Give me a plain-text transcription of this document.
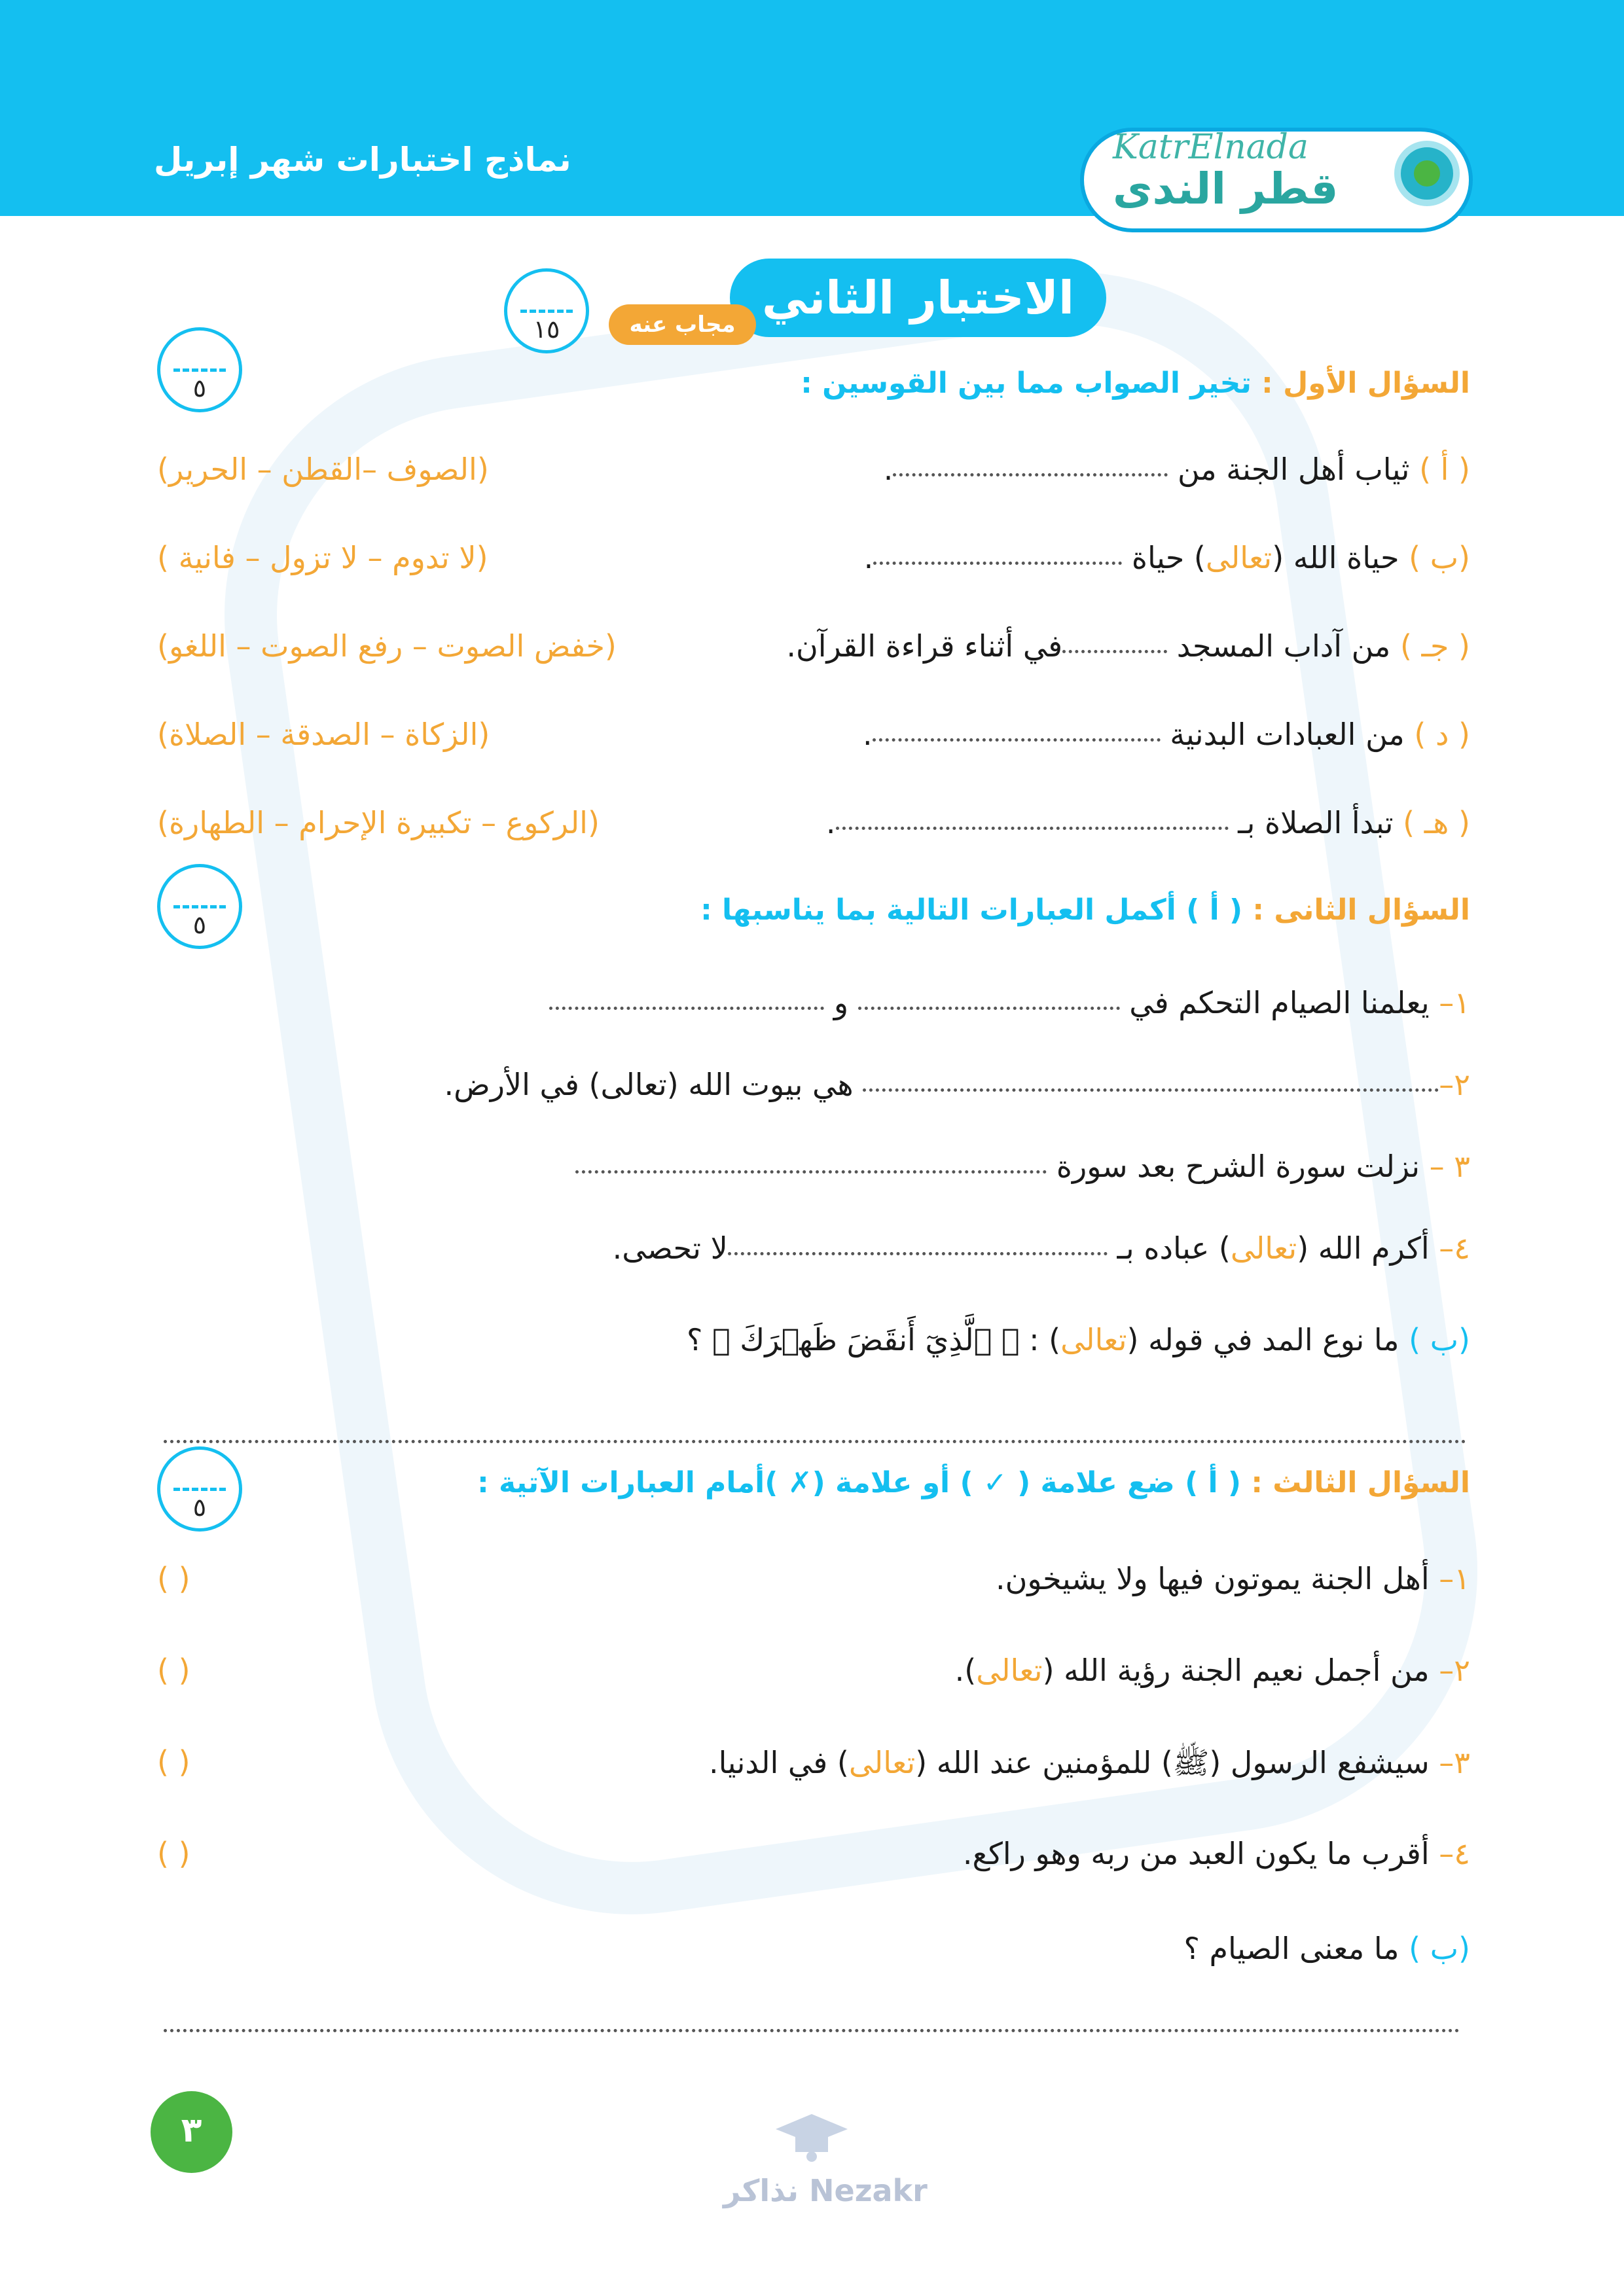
نماذج اختبارات شهر إبريل	KatrElnada
قطر الندى
الاختبار الثاني
مجاب عنه
١٥
٥	السؤال الأول : تخير الصواب مما بين القوسين :
( أ ) ثياب أهل الجنة من .
(الصوف –القطن – الحرير)
(ب ) حياة الله (تعالى) حياة .
(لا تدوم – لا تزول – فانية )
( جـ ) من آداب المسجد في أثناء قراءة القرآن.
(خفض الصوت – رفع الصوت – اللغو)
( د ) من العبادات البدنية .
(الزكاة – الصدقة – الصلاة)
( هـ ) تبدأ الصلاة بـ .
(الركوع – تكبيرة الإحرام – الطهارة)
٥	السؤال الثانى : ( أ ) أكمل العبارات التالية بما يناسبها :
١– يعلمنا الصيام التحكم في  و
٢– هي بيوت الله (تعالى) في الأرض.
٣ – نزلت سورة الشرح بعد سورة
٤– أكرم الله (تعالى) عباده بـ لا تحصى.
(ب ) ما نوع المد في قوله (تعالى) : ﴿ ٱلَّذِيٓ أَنقَضَ ظَهۡرَكَ ﴾ ؟
٥
السؤال الثالث : ( أ ) ضع علامة ( ✓ ) أو علامة (✗ )أمام العبارات الآتية :
١– أهل الجنة يموتون فيها ولا يشيخون.
( )
٢– من أجمل نعيم الجنة رؤية الله (تعالى).
( )
٣– سيشفع الرسول (ﷺ) للمؤمنين عند الله (تعالى) في الدنيا.
( )
٤– أقرب ما يكون العبد من ربه وهو راكع.
( )
(ب ) ما معنى الصيام ؟
٣
Nezakr نذاكر
